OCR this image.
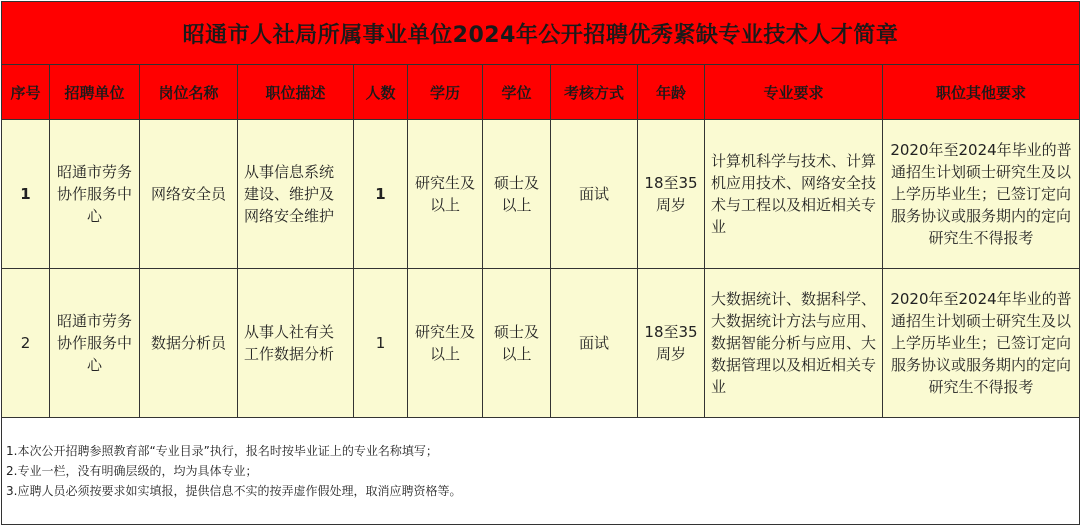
昭通市人社局所属事业单位2024年公开招聘优秀紧缺专业技术人才简章										
序号	招聘单位	岗位名称	职位描述	人数	学历	学位	考核方式	年龄	专业要求	职位其他要求
1	昭通市劳务协作服务中心	网络安全员	从事信息系统建设、维护及网络安全维护	1	研究生及以上	硕士及以上	面试	18至35周岁	计算机科学与技术、计算机应用技术、网络安全技术与工程以及相近相关专业	2020年至2024年毕业的普通招生计划硕士研究生及以上学历毕业生；已签订定向服务协议或服务期内的定向研究生不得报考
2	昭通市劳务协作服务中心	数据分析员	从事人社有关工作数据分析	1	研究生及以上	硕士及以上	面试	18至35周岁	大数据统计、数据科学、大数据统计方法与应用、数据智能分析与应用、大数据管理以及相近相关专业	2020年至2024年毕业的普通招生计划硕士研究生及以上学历毕业生；已签订定向服务协议或服务期内的定向研究生不得报考

1.本次公开招聘参照教育部“专业目录”执行，报名时按毕业证上的专业名称填写；
2.专业一栏，没有明确层级的，均为具体专业；
3.应聘人员必须按要求如实填报，提供信息不实的按弄虚作假处理，取消应聘资格等。										
